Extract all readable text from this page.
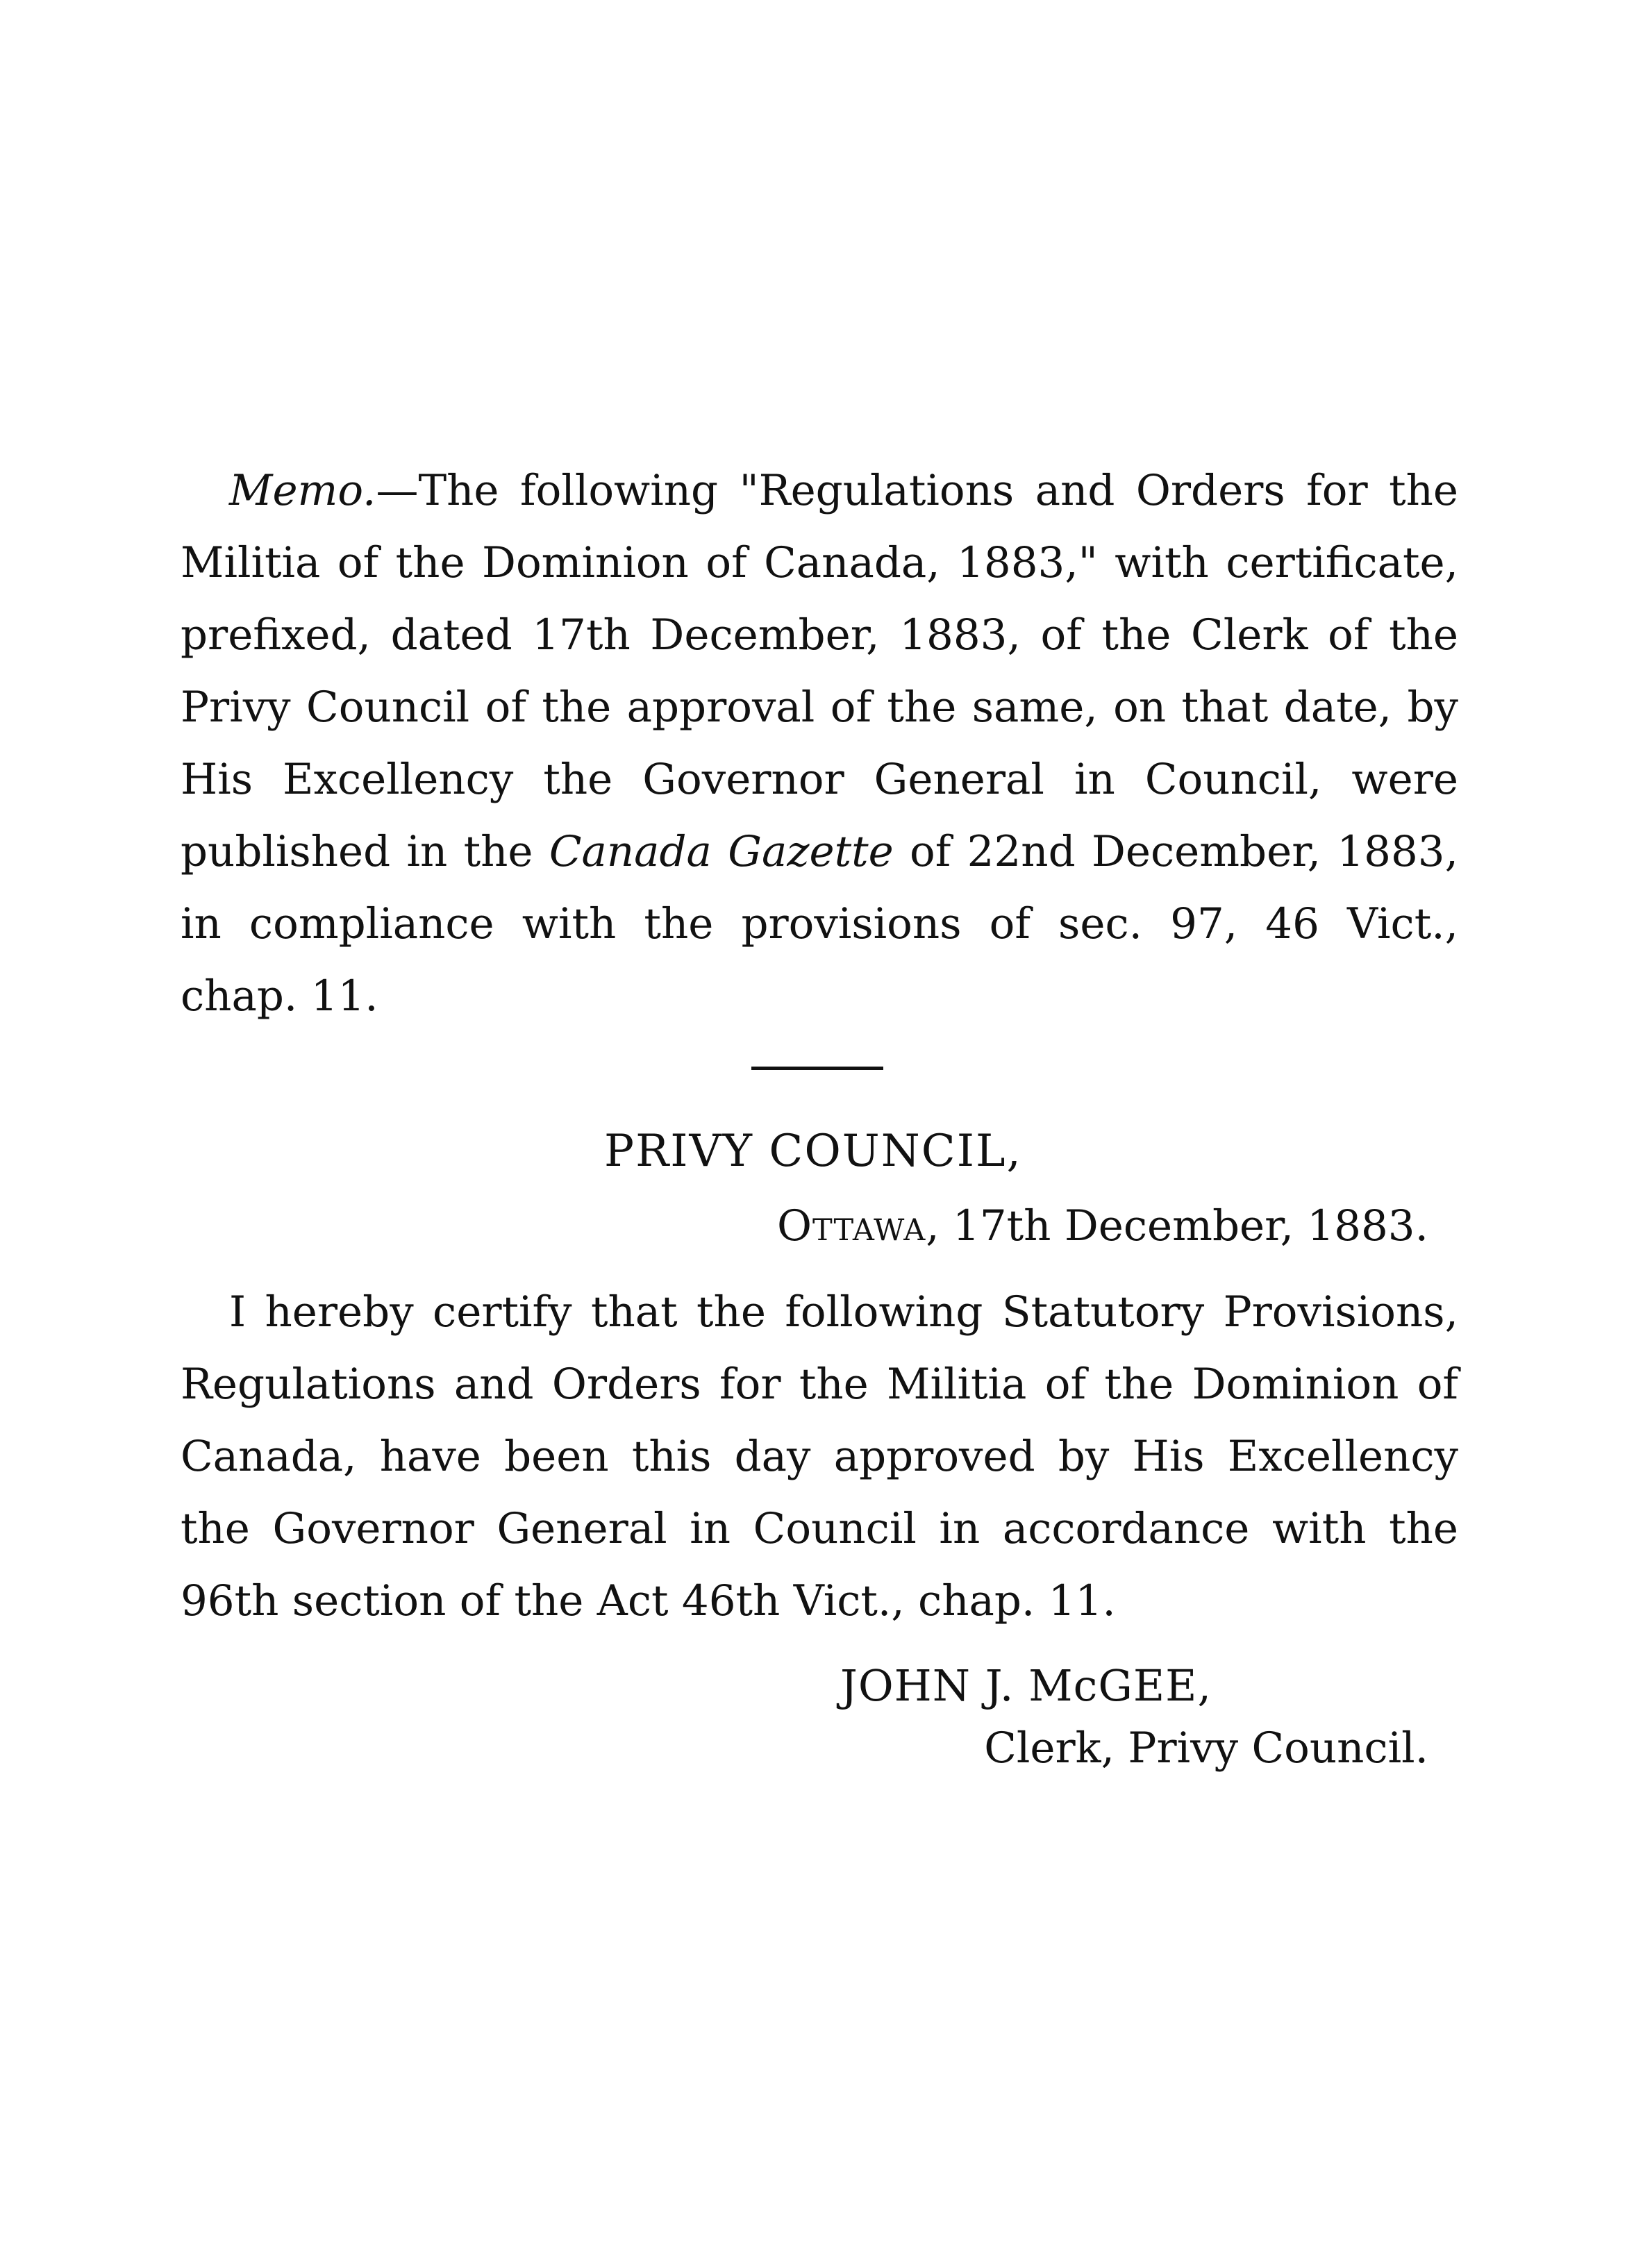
Memo.—The following "Regulations and Orders for the Militia of the Dominion of Canada, 1883," with certificate, prefixed, dated 17th December, 1883, of the Clerk of the Privy Council of the approval of the same, on that date, by His Excellency the Governor General in Council, were published in the Canada Gazette of 22nd December, 1883, in compliance with the provisions of sec. 97, 46 Vict., chap. 11.

PRIVY COUNCIL,
Ottawa, 17th December, 1883.

I hereby certify that the following Statutory Provisions, Regulations and Orders for the Militia of the Dominion of Canada, have been this day approved by His Excellency the Governor General in Council in accordance with the 96th section of the Act 46th Vict., chap. 11.

JOHN J. McGEE,
Clerk, Privy Council.
